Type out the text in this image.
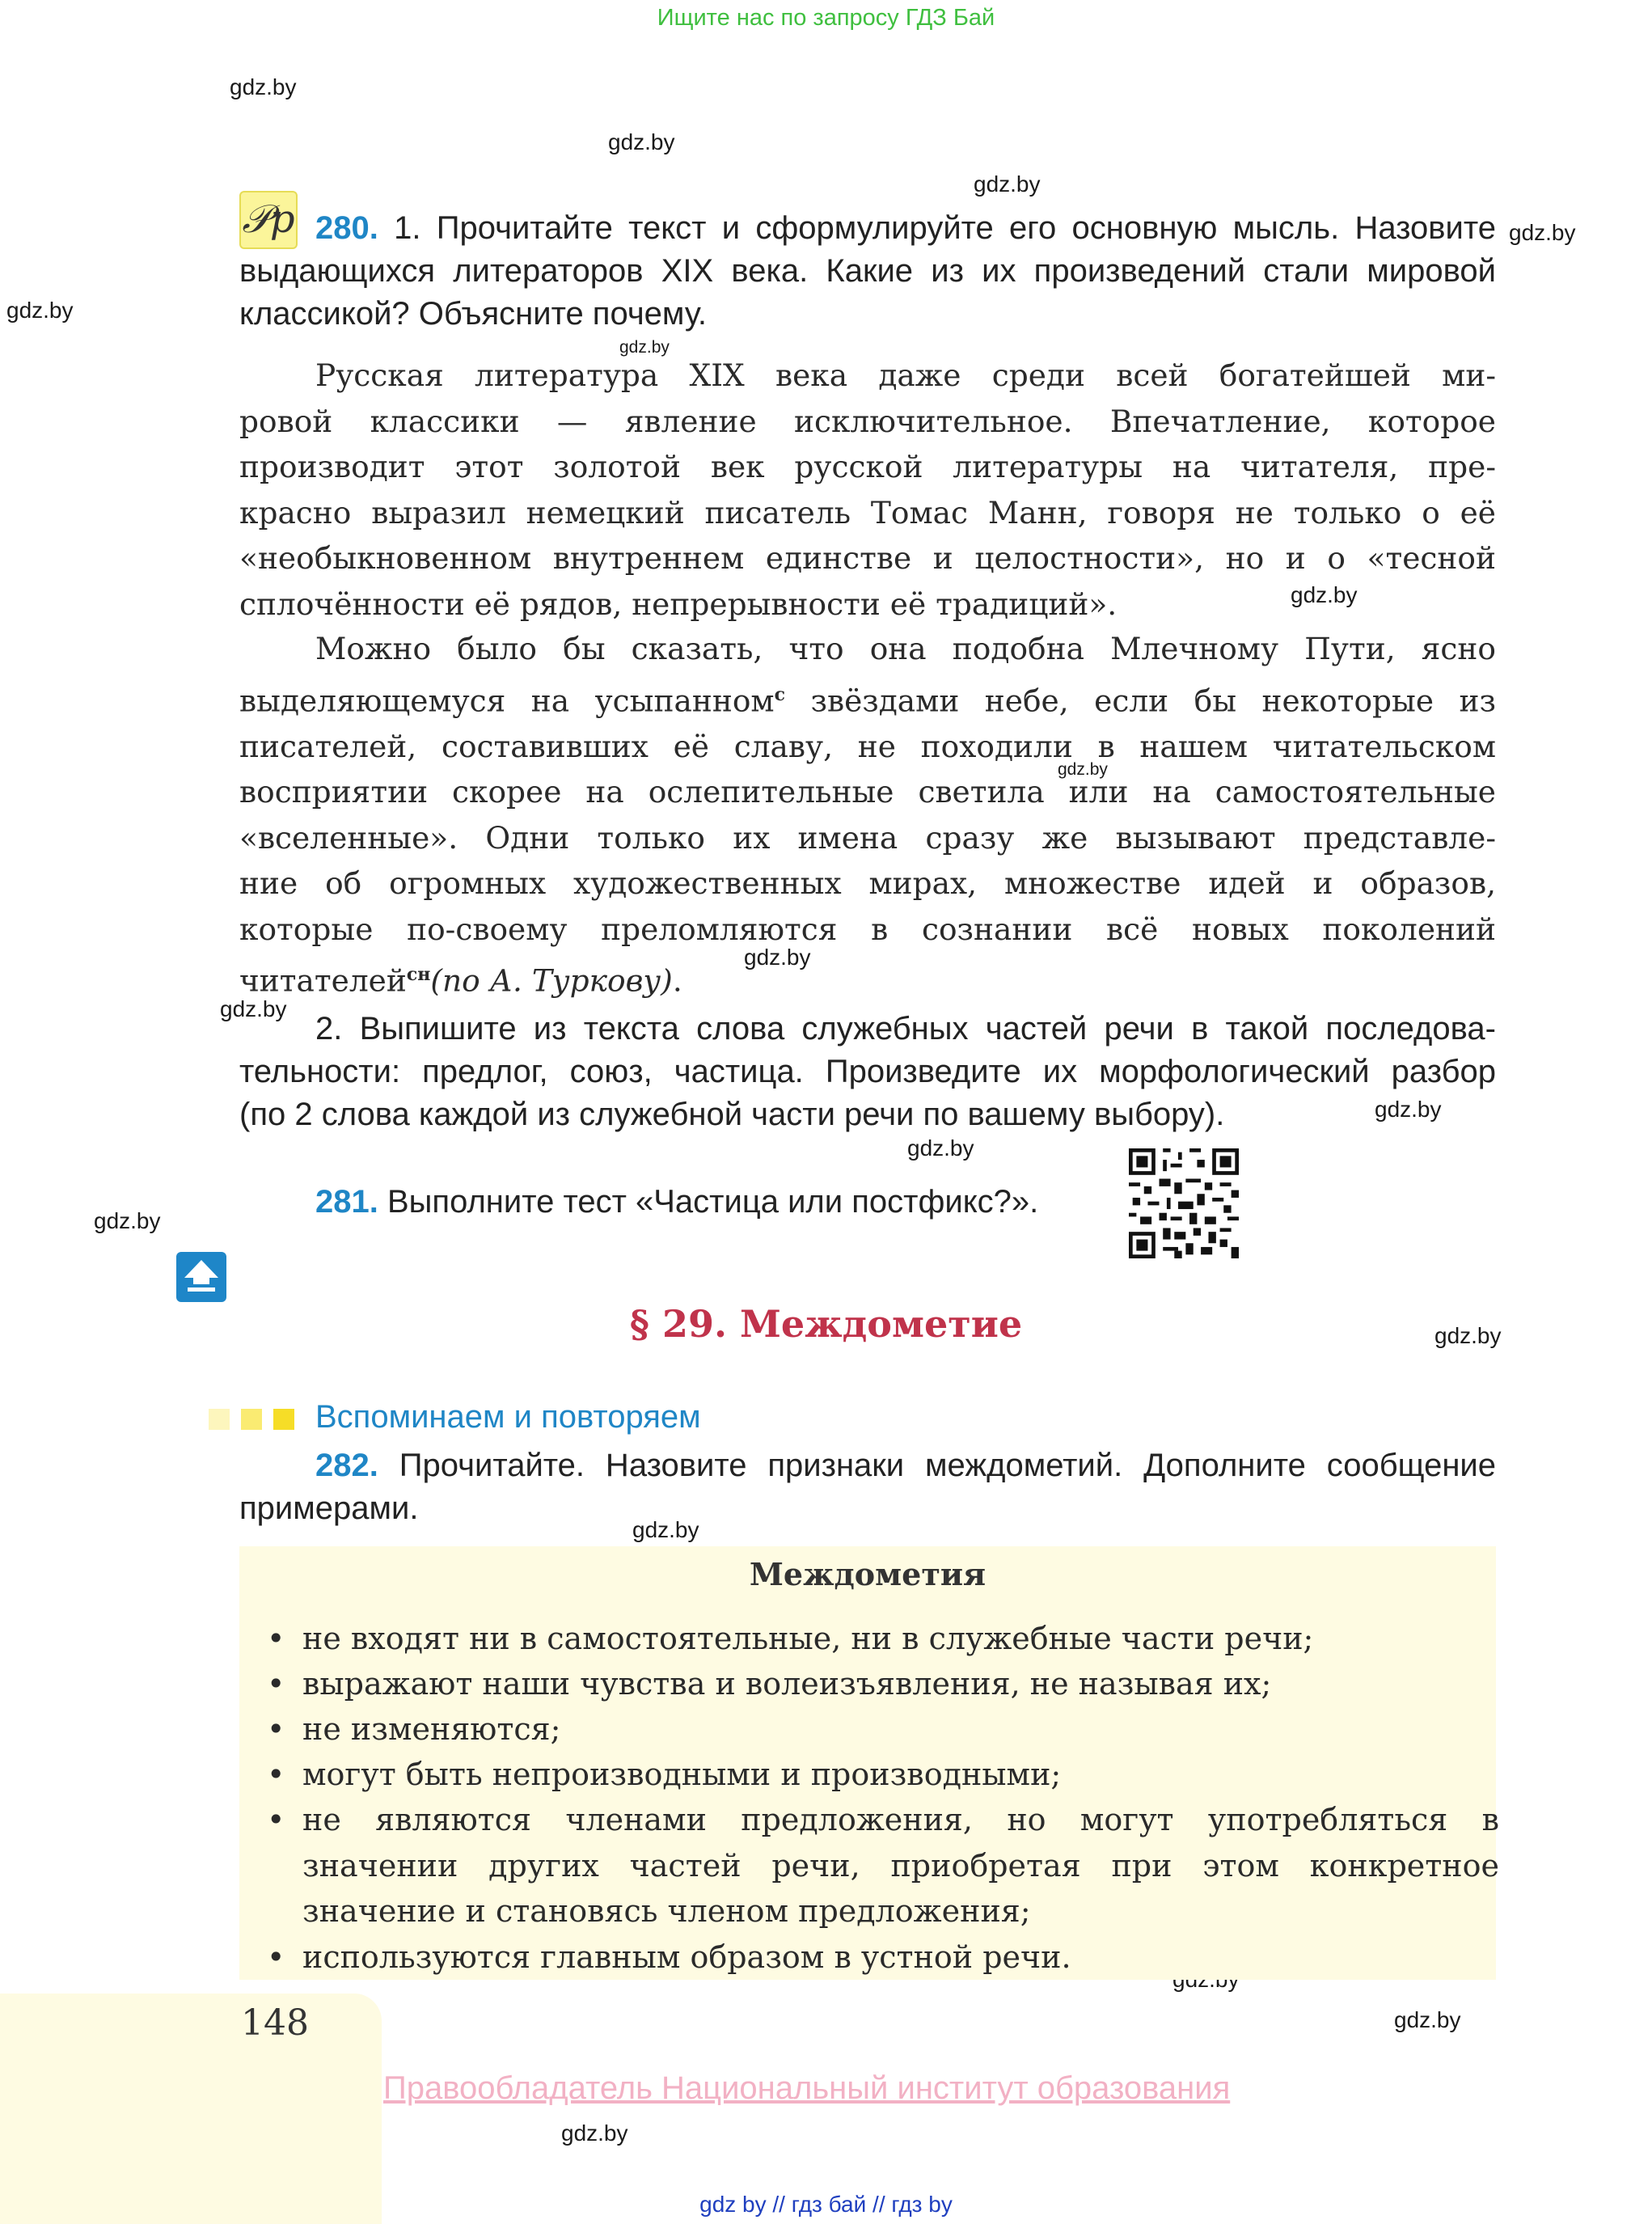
Ищите нас по запросу ГДЗ Бай
gdz.by
gdz.by
gdz.by
gdz.by
gdz.by
gdz.by
gdz.by
gdz.by
gdz.by
gdz.by
gdz.by
gdz.by
gdz.by
gdz.by
gdz.by
gdz.by
gdz.by
𝒫p 280. 1. Прочитайте текст и сформулируйте его основную мысль. Назовите
выдающихся литераторов XIX века. Какие из их произведений стали мировой
классикой? Объясните почему.
Русская литература XIX века даже среди всей богатейшей ми-
ровой классики — явление исключительное. Впечатление, которое
производит этот золотой век русской литературы на читателя, пре-
красно выразил немецкий писатель Томас Манн, говоря не только о её
«необыкновенном внутреннем единстве и целостности», но и о «тесной
сплочённости её рядов, непрерывности её традиций».
Можно было бы сказать, что она подобна Млечному Пути, ясно
выделяющемуся на усыпанном$^с$ звёздами небе, если бы некоторые из
писателей, составивших её славу, не походили в нашем читательском
восприятии скорее на ослепительные светила или на самостоятельные
«вселенные». Одни только их имена сразу же вызывают представле-
ние об огромных художественных мирах, множестве идей и образов,
которые по-своему преломляются в сознании всё новых поколений
читателей$^{сн}$(по А. Туркову).
2. Выпишите из текста слова служебных частей речи в такой последова-
тельности: предлог, союз, частица. Произведите их морфологический разбор
(по 2 слова каждой из служебной части речи по вашему выбору).
281. Выполните тест «Частица или постфикс?».
§ 29. Междометие
Вспоминаем и повторяем
282. Прочитайте. Назовите признаки междометий. Дополните сообщение
примерами.
Междометия
• не входят ни в самостоятельные, ни в служебные части речи;
• выражают наши чувства и волеизъявления, не называя их;
• не изменяются;
• могут быть непроизводными и производными;
• не являются членами предложения, но могут употребляться в
значении других частей речи, приобретая при этом конкретное
значение и становясь членом предложения;
• используются главным образом в устной речи.
148
Правообладатель Национальный институт образования
gdz by // гдз бай // гдз by
